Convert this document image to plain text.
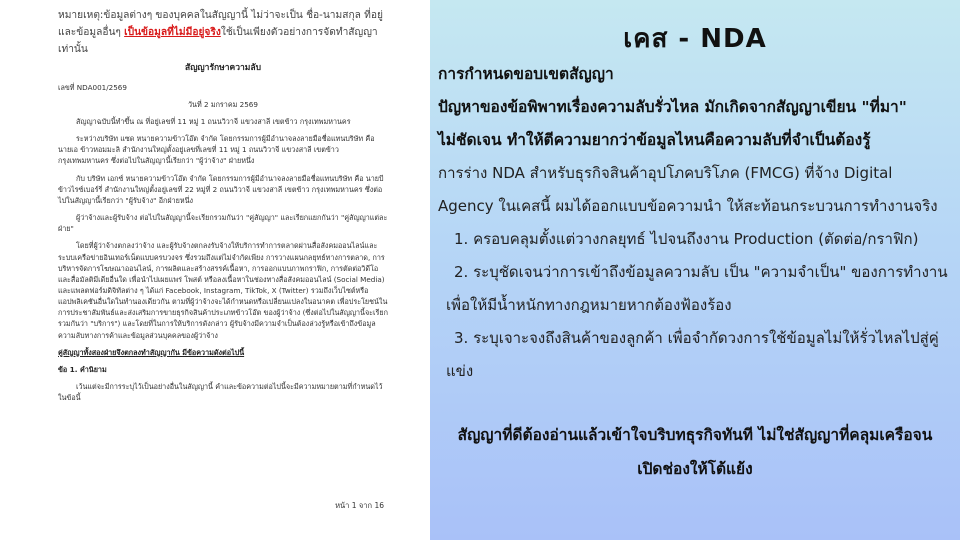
หมายเหตุ:ข้อมูลต่างๆ ของบุคคลในสัญญานี้ ไม่ว่าจะเป็น ชื่อ-นามสกุล ที่อยู่ และข้อมูลอื่นๆ เป็นข้อมูลที่ไม่มีอยู่จริงใช้เป็นเพียงตัวอย่างการจัดทำสัญญาเท่านั้น

สัญญารักษาความลับ

เลขที่ NDA001/2569

วันที่ 2 มกราคม 2569

สัญญาฉบับนี้ทำขึ้น ณ ที่อยู่เลขที่ 11 หมู่ 1 ถนนวิวาจี แขวงสาลี เขตข้าว กรุงเทพมหานคร

ระหว่างบริษัท แซด หนายความข้าวโอ๊ต จำกัด โดยกรรมการผู้มีอำนาจลงลายมือชื่อแทนบริษัท คือ นายเอ ข้าวหอมมะลิ สำนักงานใหญ่ตั้งอยู่เลขที่เลขที่ 11 หมู่ 1 ถนนวิวาจี แขวงสาลี เขตข้าว กรุงเทพมหานคร ซึ่งต่อไปในสัญญานี้เรียกว่า "ผู้ว่าจ้าง" ฝ่ายหนึ่ง

กับ บริษัท เอกซ์ หนายความข้าวโอ๊ต จำกัด โดยกรรมการผู้มีอำนาจลงลายมือชื่อแทนบริษัท คือ นายบี ข้าวไรซ์เบอร์รี่ สำนักงานใหญ่ตั้งอยู่เลขที่ 22 หมู่ที่ 2 ถนนวิวาจี แขวงสาลี เขตข้าว กรุงเทพมหานคร ซึ่งต่อไปในสัญญานี้เรียกว่า "ผู้รับจ้าง" อีกฝ่ายหนึ่ง

ผู้ว่าจ้างและผู้รับจ้าง ต่อไปในสัญญานี้จะเรียกรวมกันว่า "คู่สัญญา" และเรียกแยกกันว่า "คู่สัญญาแต่ละฝ่าย"

โดยที่ผู้ว่าจ้างตกลงว่าจ้าง และผู้รับจ้างตกลงรับจ้างให้บริการทำการตลาดผ่านสื่อสังคมออนไลน์และระบบเครือข่ายอินเทอร์เน็ตแบบครบวงจร ซึ่งรวมถึงแต่ไม่จำกัดเพียง การวางแผนกลยุทธ์ทางการตลาด, การบริหารจัดการโฆษณาออนไลน์, การผลิตและสร้างสรรค์เนื้อหา, การออกแบบภาพกราฟิก, การตัดต่อวิดีโอ และสื่อมัลติมีเดียอื่นใด เพื่อนำไปเผยแพร่ โพสต์ หรือลงเนื้อหาในช่องทางสื่อสังคมออนไลน์ (Social Media) และแพลตฟอร์มดิจิทัลต่าง ๆ ได้แก่ Facebook, Instagram, TikTok, X (Twitter) รวมถึงเว็บไซต์หรือแอปพลิเคชันอื่นใดในทำนองเดียวกัน ตามที่ผู้ว่าจ้างจะได้กำหนดหรือเปลี่ยนแปลงในอนาคต เพื่อประโยชน์ในการประชาสัมพันธ์และส่งเสริมการขายธุรกิจสินค้าประเภทข้าวโอ๊ต ของผู้ว่าจ้าง (ซึ่งต่อไปในสัญญานี้จะเรียกรวมกันว่า "บริการ") และโดยที่ในการให้บริการดังกล่าว ผู้รับจ้างมีความจำเป็นต้องล่วงรู้หรือเข้าถึงข้อมูลความลับทางการค้าและข้อมูลส่วนบุคคลของผู้ว่าจ้าง

คู่สัญญาทั้งสองฝ่ายจึงตกลงทำสัญญากัน มีข้อความดังต่อไปนี้

ข้อ 1. คำนิยาม

เว้นแต่จะมีการระบุไว้เป็นอย่างอื่นในสัญญานี้ คำและข้อความต่อไปนี้จะมีความหมายตามที่กำหนดไว้ในข้อนี้

หน้า 1 จาก 16
เคส - NDA

การกำหนดขอบเขตสัญญา

ปัญหาของข้อพิพาทเรื่องความลับรั่วไหล มักเกิดจากสัญญาเขียน "ที่มา"

ไม่ชัดเจน ทำให้ตีความยากว่าข้อมูลไหนคือความลับที่จำเป็นต้องรู้

การร่าง NDA สำหรับธุรกิจสินค้าอุปโภคบริโภค (FMCG) ที่จ้าง Digital

Agency ในเคสนี้ ผมได้ออกแบบข้อความนำ ให้สะท้อนกระบวนการทำงานจริง

1. ครอบคลุมตั้งแต่วางกลยุทธ์ ไปจนถึงงาน Production (ตัดต่อ/กราฟิก)

2. ระบุชัดเจนว่าการเข้าถึงข้อมูลความลับ เป็น "ความจำเป็น" ของการทำงาน

เพื่อให้มีน้ำหนักทางกฎหมายหากต้องฟ้องร้อง

3. ระบุเจาะจงถึงสินค้าของลูกค้า เพื่อจำกัดวงการใช้ข้อมูลไม่ให้รั่วไหลไปสู่คู่

แข่ง

สัญญาที่ดีต้องอ่านแล้วเข้าใจบริบทธุรกิจทันที ไม่ใช่สัญญาที่คลุมเครือจน
เปิดช่องให้โต้แย้ง
